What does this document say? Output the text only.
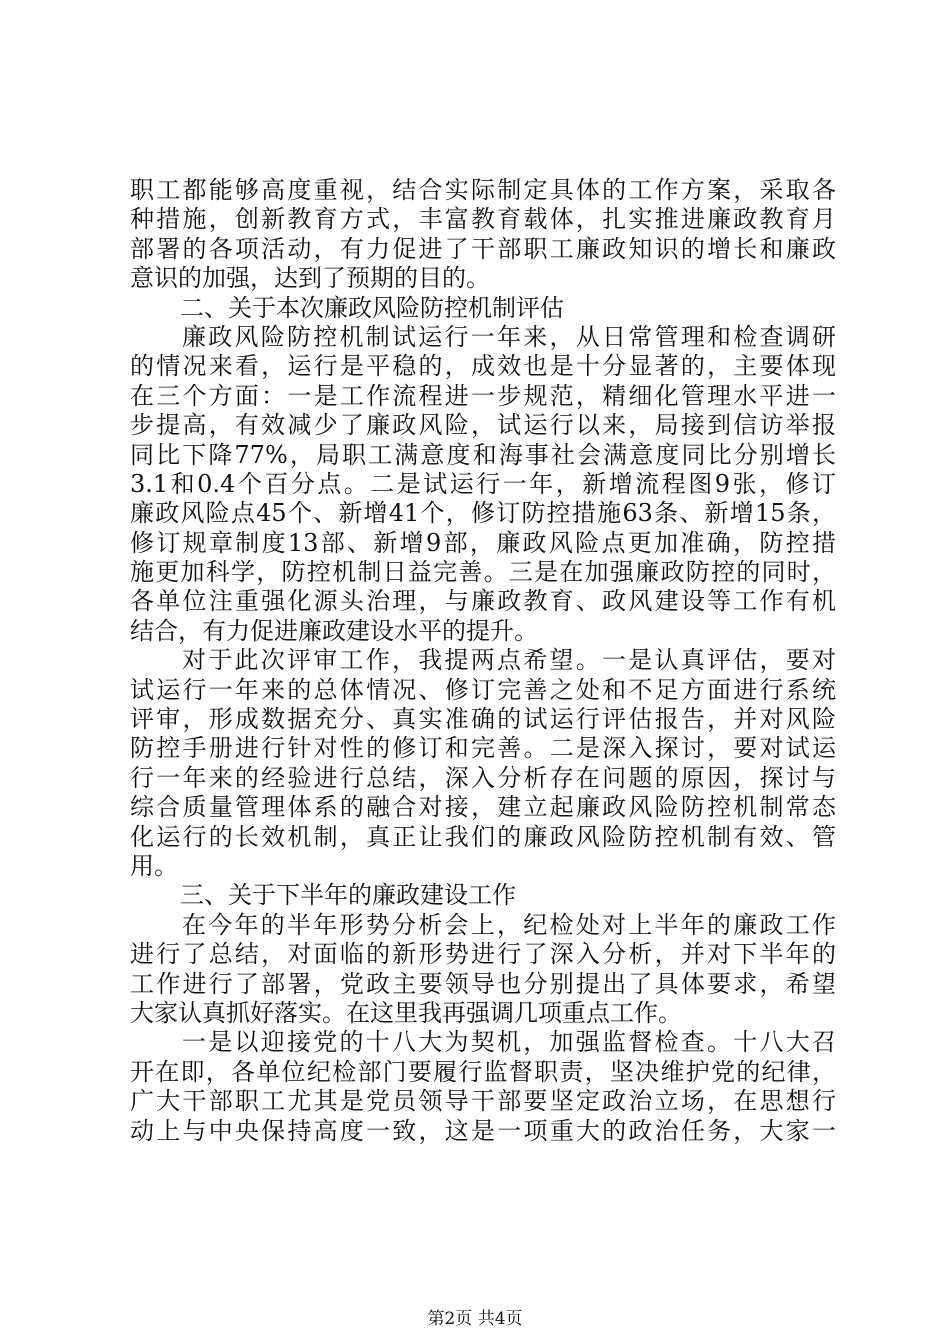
职工都能够高度重视，结合实际制定具体的工作方案，采取各
种措施，创新教育方式，丰富教育载体，扎实推进廉政教育月
部署的各项活动，有力促进了干部职工廉政知识的增长和廉政
意识的加强，达到了预期的目的。
二、关于本次廉政风险防控机制评估
廉政风险防控机制试运行一年来，从日常管理和检查调研
的情况来看，运行是平稳的，成效也是十分显著的，主要体现
在三个方面：一是工作流程进一步规范，精细化管理水平进一
步提高，有效减少了廉政风险，试运行以来，局接到信访举报
同比下降77%，局职工满意度和海事社会满意度同比分别增长
3.1和0.4个百分点。二是试运行一年，新增流程图9张，修订
廉政风险点45个、新增41个，修订防控措施63条、新增15条，
修订规章制度13部、新增9部，廉政风险点更加准确，防控措
施更加科学，防控机制日益完善。三是在加强廉政防控的同时，
各单位注重强化源头治理，与廉政教育、政风建设等工作有机
结合，有力促进廉政建设水平的提升。
对于此次评审工作，我提两点希望。一是认真评估，要对
试运行一年来的总体情况、修订完善之处和不足方面进行系统
评审，形成数据充分、真实准确的试运行评估报告，并对风险
防控手册进行针对性的修订和完善。二是深入探讨，要对试运
行一年来的经验进行总结，深入分析存在问题的原因，探讨与
综合质量管理体系的融合对接，建立起廉政风险防控机制常态
化运行的长效机制，真正让我们的廉政风险防控机制有效、管
用。
三、关于下半年的廉政建设工作
在今年的半年形势分析会上，纪检处对上半年的廉政工作
进行了总结，对面临的新形势进行了深入分析，并对下半年的
工作进行了部署，党政主要领导也分别提出了具体要求，希望
大家认真抓好落实。在这里我再强调几项重点工作。
一是以迎接党的十八大为契机，加强监督检查。十八大召
开在即，各单位纪检部门要履行监督职责，坚决维护党的纪律，
广大干部职工尤其是党员领导干部要坚定政治立场，在思想行
动上与中央保持高度一致，这是一项重大的政治任务，大家一
第2页 共4页
